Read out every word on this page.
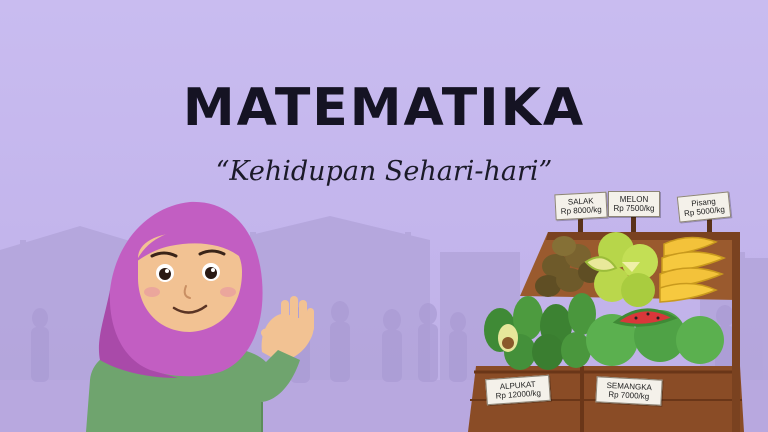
MATEMATIKA

“Kehidupan Sehari-hari”

SALAK
Rp 8000/kg
MELON
Rp 7500/kg
Pisang
Rp 5000/kg
ALPUKAT
Rp 12000/kg
SEMANGKA
Rp 7000/kg
